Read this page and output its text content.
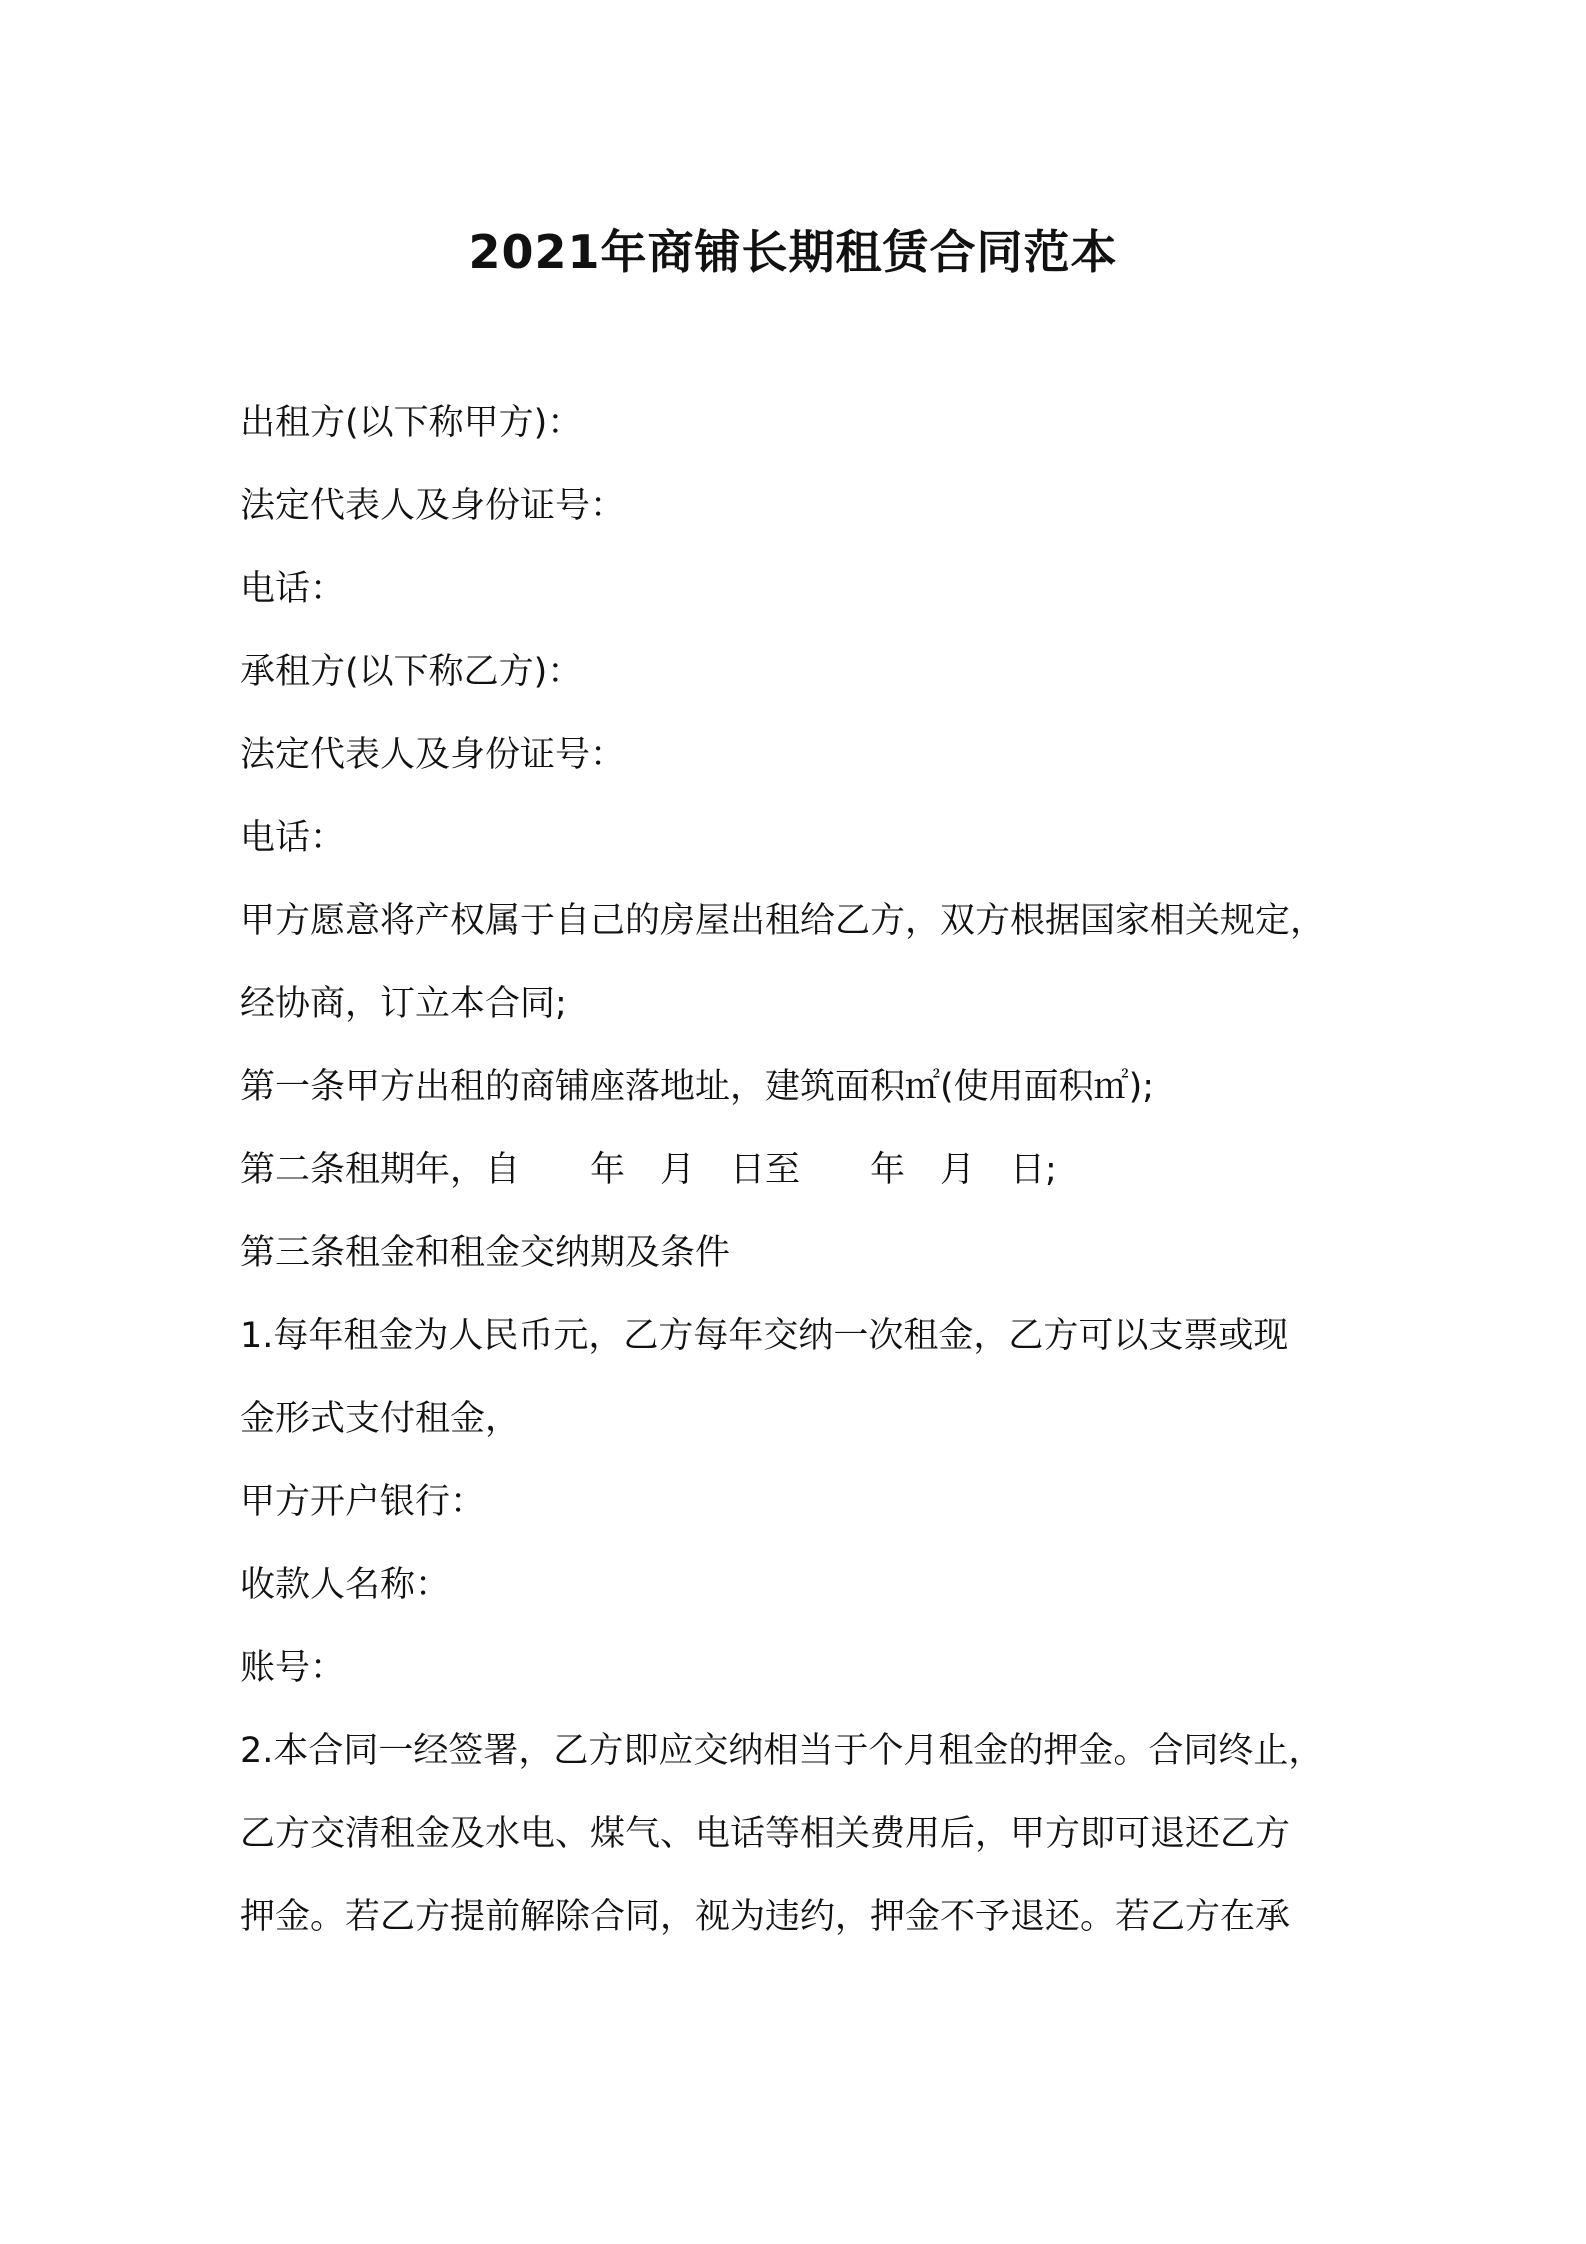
2021年商铺长期租赁合同范本
出租方(以下称甲方)：
法定代表人及身份证号：
电话：
承租方(以下称乙方)：
法定代表人及身份证号：
电话：
甲方愿意将产权属于自己的房屋出租给乙方，双方根据国家相关规定，
经协商，订立本合同;
第一条甲方出租的商铺座落地址，建筑面积㎡(使用面积㎡);
第二条租期年，自　　年　月　日至　　年　月　日;
第三条租金和租金交纳期及条件
1.每年租金为人民币元，乙方每年交纳一次租金，乙方可以支票或现
金形式支付租金，
甲方开户银行：
收款人名称：
账号：
2.本合同一经签署，乙方即应交纳相当于个月租金的押金。合同终止，
乙方交清租金及水电、煤气、电话等相关费用后，甲方即可退还乙方
押金。若乙方提前解除合同，视为违约，押金不予退还。若乙方在承
